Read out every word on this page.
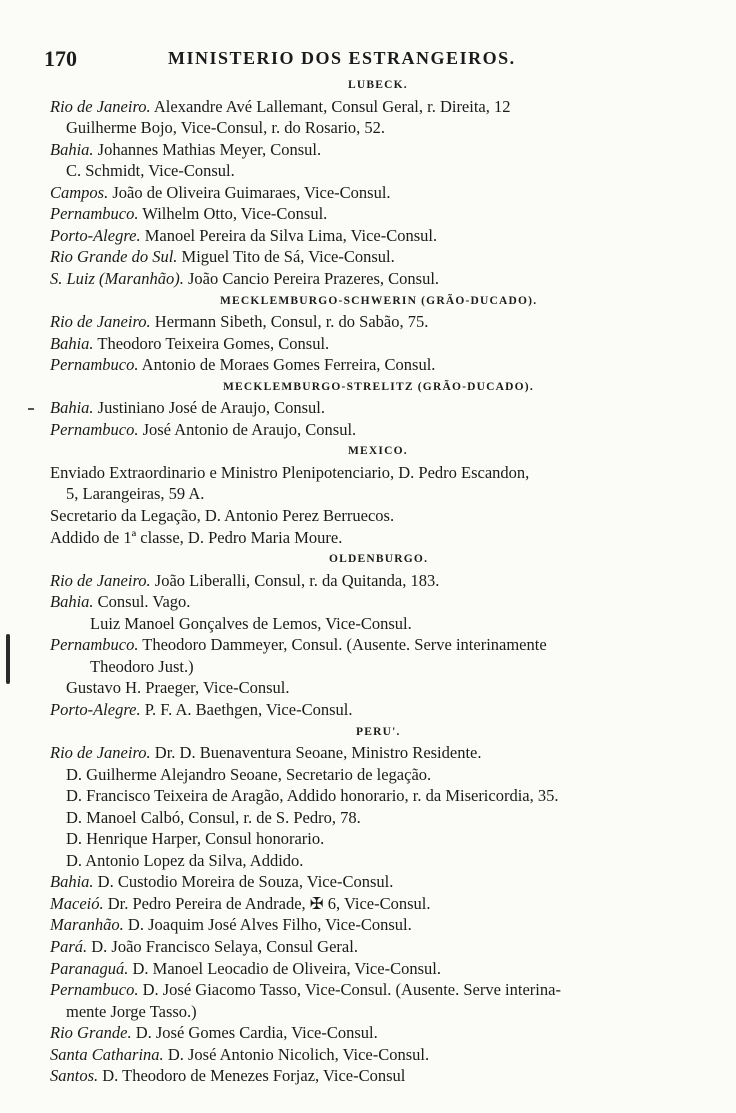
170	MINISTERIO DOS ESTRANGEIROS.
LUBECK.
Rio de Janeiro. Alexandre Avé Lallemant, Consul Geral, r. Direita, 12
Guilherme Bojo, Vice-Consul, r. do Rosario, 52.
Bahia. Johannes Mathias Meyer, Consul.
C. Schmidt, Vice-Consul.
Campos. João de Oliveira Guimaraes, Vice-Consul.
Pernambuco. Wilhelm Otto, Vice-Consul.
Porto-Alegre. Manoel Pereira da Silva Lima, Vice-Consul.
Rio Grande do Sul. Miguel Tito de Sá, Vice-Consul.
S. Luiz (Maranhão). João Cancio Pereira Prazeres, Consul.
MECKLEMBURGO-SCHWERIN (GRÃO-DUCADO).
Rio de Janeiro. Hermann Sibeth, Consul, r. do Sabão, 75.
Bahia. Theodoro Teixeira Gomes, Consul.
Pernambuco. Antonio de Moraes Gomes Ferreira, Consul.
MECKLEMBURGO-STRELITZ (GRÃO-DUCADO).
Bahia. Justiniano José de Araujo, Consul.
Pernambuco. José Antonio de Araujo, Consul.
MEXICO.
Enviado Extraordinario e Ministro Plenipotenciario, D. Pedro Escandon,
5, Larangeiras, 59 A.
Secretario da Legação, D. Antonio Perez Berruecos.
Addido de 1ª classe, D. Pedro Maria Moure.
OLDENBURGO.
Rio de Janeiro. João Liberalli, Consul, r. da Quitanda, 183.
Bahia. Consul. Vago.
Luiz Manoel Gonçalves de Lemos, Vice-Consul.
Pernambuco. Theodoro Dammeyer, Consul. (Ausente. Serve interinamente
Theodoro Just.)
Gustavo H. Praeger, Vice-Consul.
Porto-Alegre. P. F. A. Baethgen, Vice-Consul.
PERU'.
Rio de Janeiro. Dr. D. Buenaventura Seoane, Ministro Residente.
D. Guilherme Alejandro Seoane, Secretario de legação.
D. Francisco Teixeira de Aragão, Addido honorario, r. da Misericordia, 35.
D. Manoel Calbó, Consul, r. de S. Pedro, 78.
D. Henrique Harper, Consul honorario.
D. Antonio Lopez da Silva, Addido.
Bahia. D. Custodio Moreira de Souza, Vice-Consul.
Maceió. Dr. Pedro Pereira de Andrade, ✠ 6, Vice-Consul.
Maranhão. D. Joaquim José Alves Filho, Vice-Consul.
Pará. D. João Francisco Selaya, Consul Geral.
Paranaguá. D. Manoel Leocadio de Oliveira, Vice-Consul.
Pernambuco. D. José Giacomo Tasso, Vice-Consul. (Ausente. Serve interina-
mente Jorge Tasso.)
Rio Grande. D. José Gomes Cardia, Vice-Consul.
Santa Catharina. D. José Antonio Nicolich, Vice-Consul.
Santos. D. Theodoro de Menezes Forjaz, Vice-Consul
